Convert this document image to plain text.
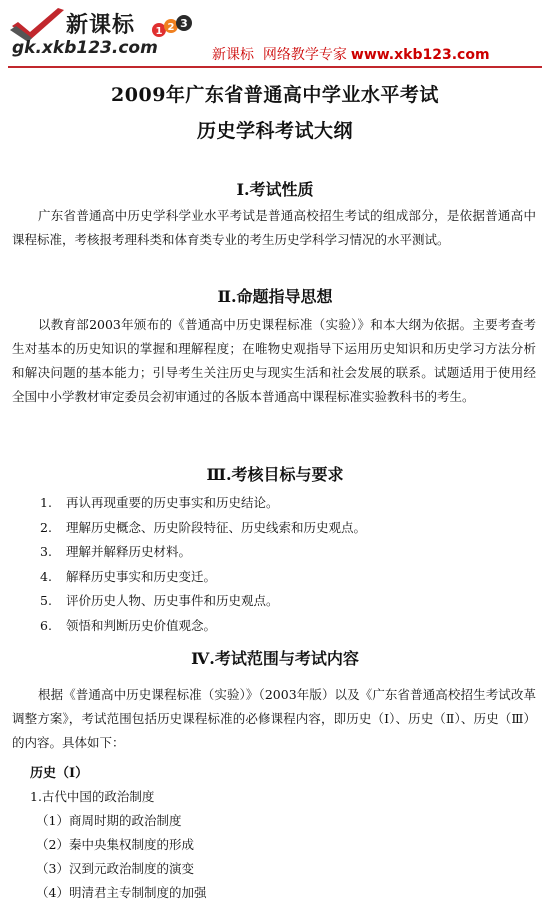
新课标 1 2 3
gk.xkb123.com	新课标  网络教学专家 www.xkb123.com
2009年广东省普通高中学业水平考试
历史学科考试大纲
Ⅰ.考试性质
广东省普通高中历史学科学业水平考试是普通高校招生考试的组成部分，是依据普通高中课程标准，考核报考理科类和体育类专业的考生历史学科学习情况的水平测试。
Ⅱ.命题指导思想
以教育部2003年颁布的《普通高中历史课程标准（实验）》和本大纲为依据。主要考查考生对基本的历史知识的掌握和理解程度；在唯物史观指导下运用历史知识和历史学习方法分析和解决问题的基本能力；引导考生关注历史与现实生活和社会发展的联系。试题适用于使用经全国中小学教材审定委员会初审通过的各版本普通高中课程标准实验教科书的考生。
Ⅲ.考核目标与要求
1. 再认再现重要的历史事实和历史结论。
2. 理解历史概念、历史阶段特征、历史线索和历史观点。
3. 理解并解释历史材料。
4. 解释历史事实和历史变迁。
5. 评价历史人物、历史事件和历史观点。
6. 领悟和判断历史价值观念。
Ⅳ.考试范围与考试内容
根据《普通高中历史课程标准（实验）》（2003年版）以及《广东省普通高校招生考试改革调整方案》，考试范围包括历史课程标准的必修课程内容，即历史（Ⅰ）、历史（Ⅱ）、历史（Ⅲ）的内容。具体如下：
历史（Ⅰ）
1.古代中国的政治制度
（1）商周时期的政治制度
（2）秦中央集权制度的形成
（3）汉到元政治制度的演变
（4）明清君主专制制度的加强
